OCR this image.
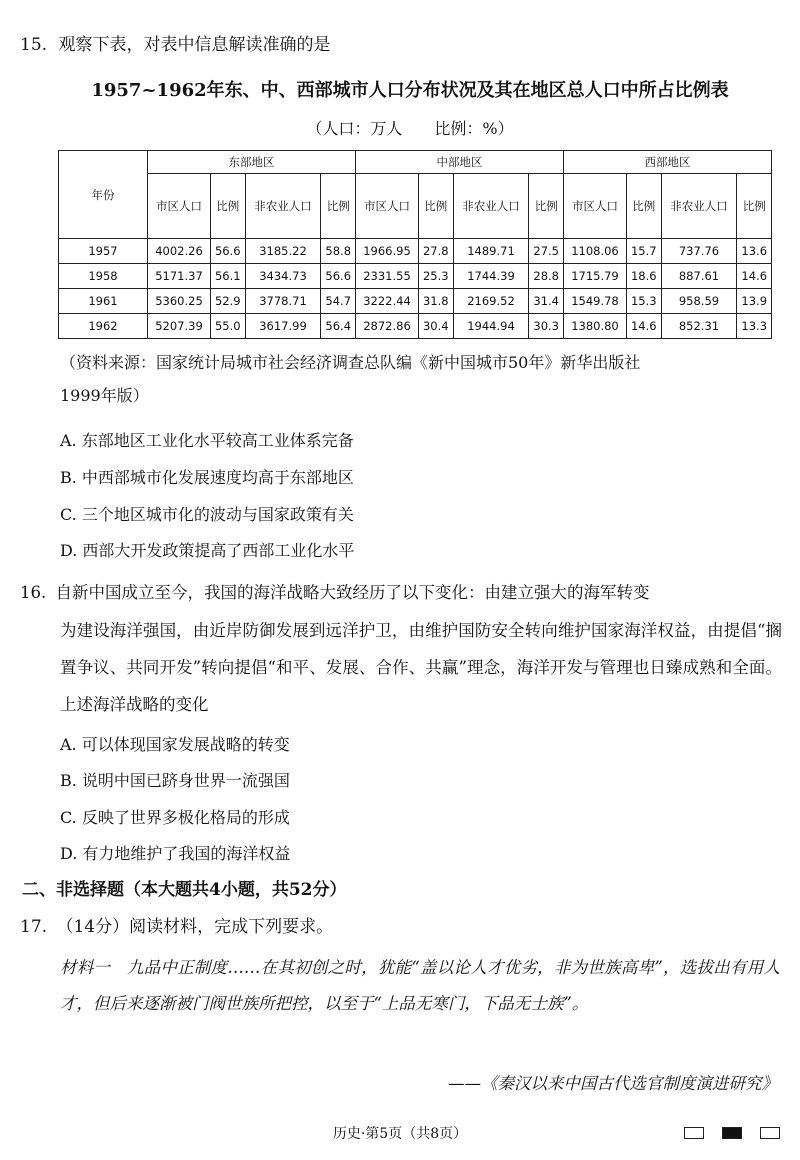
15. 观察下表，对表中信息解读准确的是
1957~1962年东、中、西部城市人口分布状况及其在地区总人口中所占比例表
（人口：万人　　比例：%）
年份	东部地区				中部地区				西部地区			
	市区人口	比例	非农业人口	比例	市区人口	比例	非农业人口	比例	市区人口	比例	非农业人口	比例
1957	4002.26	56.6	3185.22	58.8	1966.95	27.8	1489.71	27.5	1108.06	15.7	737.76	13.6
1958	5171.37	56.1	3434.73	56.6	2331.55	25.3	1744.39	28.8	1715.79	18.6	887.61	14.6
1961	5360.25	52.9	3778.71	54.7	3222.44	31.8	2169.52	31.4	1549.78	15.3	958.59	13.9
1962	5207.39	55.0	3617.99	56.4	2872.86	30.4	1944.94	30.3	1380.80	14.6	852.31	13.3
（资料来源：国家统计局城市社会经济调查总队编《新中国城市50年》新华出版社
1999年版）
A. 东部地区工业化水平较高工业体系完备
B. 中西部城市化发展速度均高于东部地区
C. 三个地区城市化的波动与国家政策有关
D. 西部大开发政策提高了西部工业化水平
16. 自新中国成立至今，我国的海洋战略大致经历了以下变化：由建立强大的海军转变
为建设海洋强国，由近岸防御发展到远洋护卫，由维护国防安全转向维护国家海洋权益，由提倡“搁置争议、共同开发”转向提倡“和平、发展、合作、共赢”理念，海洋开发与管理也日臻成熟和全面。上述海洋战略的变化
A. 可以体现国家发展战略的转变
B. 说明中国已跻身世界一流强国
C. 反映了世界多极化格局的形成
D. 有力地维护了我国的海洋权益
二、非选择题（本大题共4小题，共52分）
17. （14分）阅读材料，完成下列要求。
材料一　九品中正制度……在其初创之时，犹能“盖以论人才优劣，非为世族高卑”，选拔出有用人才，但后来逐渐被门阀世族所把控，以至于“上品无寒门，下品无士族”。
——《秦汉以来中国古代选官制度演进研究》
历史·第5页（共8页）
